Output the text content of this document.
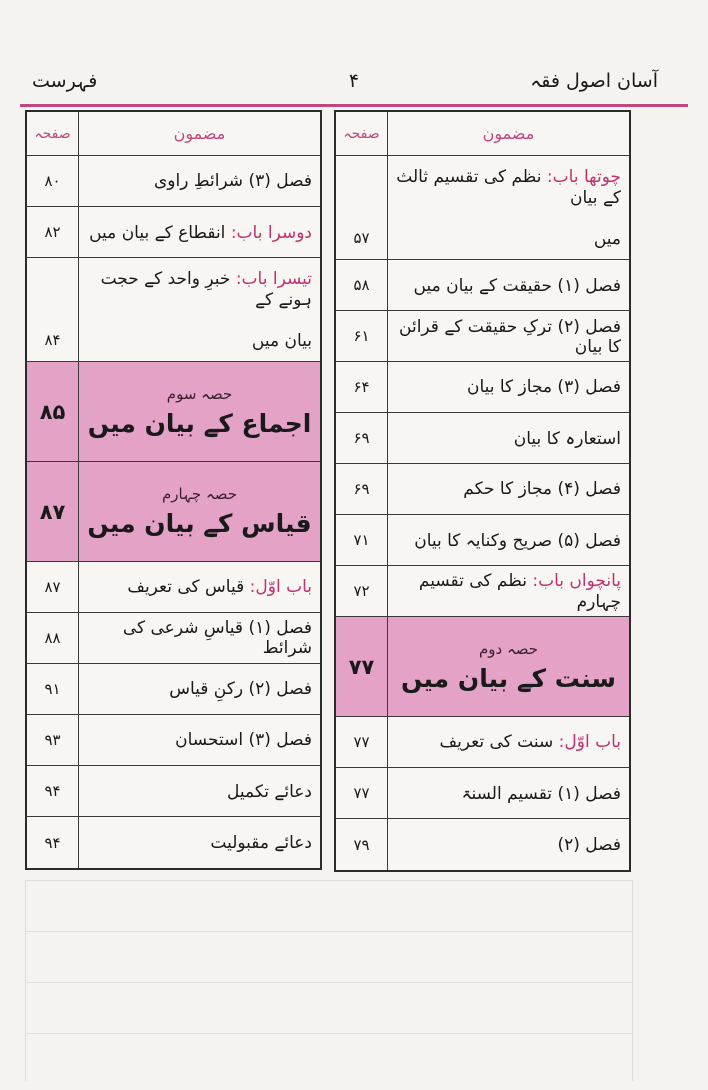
آسان اصول فقہ
۴
فہرست
مضمون
صفحہ
چوتھا باب: نظم کی تقسیم ثالث کے بیان
میں
۵۷
فصل (۱) حقیقت کے بیان میں
۵۸
فصل (۲) ترکِ حقیقت کے قرائن کا بیان
۶۱
فصل (۳) مجاز کا بیان
۶۴
استعارہ کا بیان
۶۹
فصل (۴) مجاز کا حکم
۶۹
فصل (۵) صریح وکنایہ کا بیان
۷۱
پانچواں باب: نظم کی تقسیم چہارم
۷۲
حصہ دوم
سنت کے بیان میں
۷۷
باب اوّل: سنت کی تعریف
۷۷
فصل (۱) تقسیم السنۃ
۷۷
فصل (۲)
۷۹
مضمون
صفحہ
فصل (۳) شرائطِ راوی
۸۰
دوسرا باب: انقطاع کے بیان میں
۸۲
تیسرا باب: خبرِ واحد کے حجت ہونے کے
بیان میں
۸۴
حصہ سوم
اجماع کے بیان میں
۸۵
حصہ چہارم
قیاس کے بیان میں
۸۷
باب اوّل: قیاس کی تعریف
۸۷
فصل (۱) قیاسِ شرعی کی شرائط
۸۸
فصل (۲) رکنِ قیاس
۹۱
فصل (۳) استحسان
۹۳
دعائے تکمیل
۹۴
دعائے مقبولیت
۹۴
